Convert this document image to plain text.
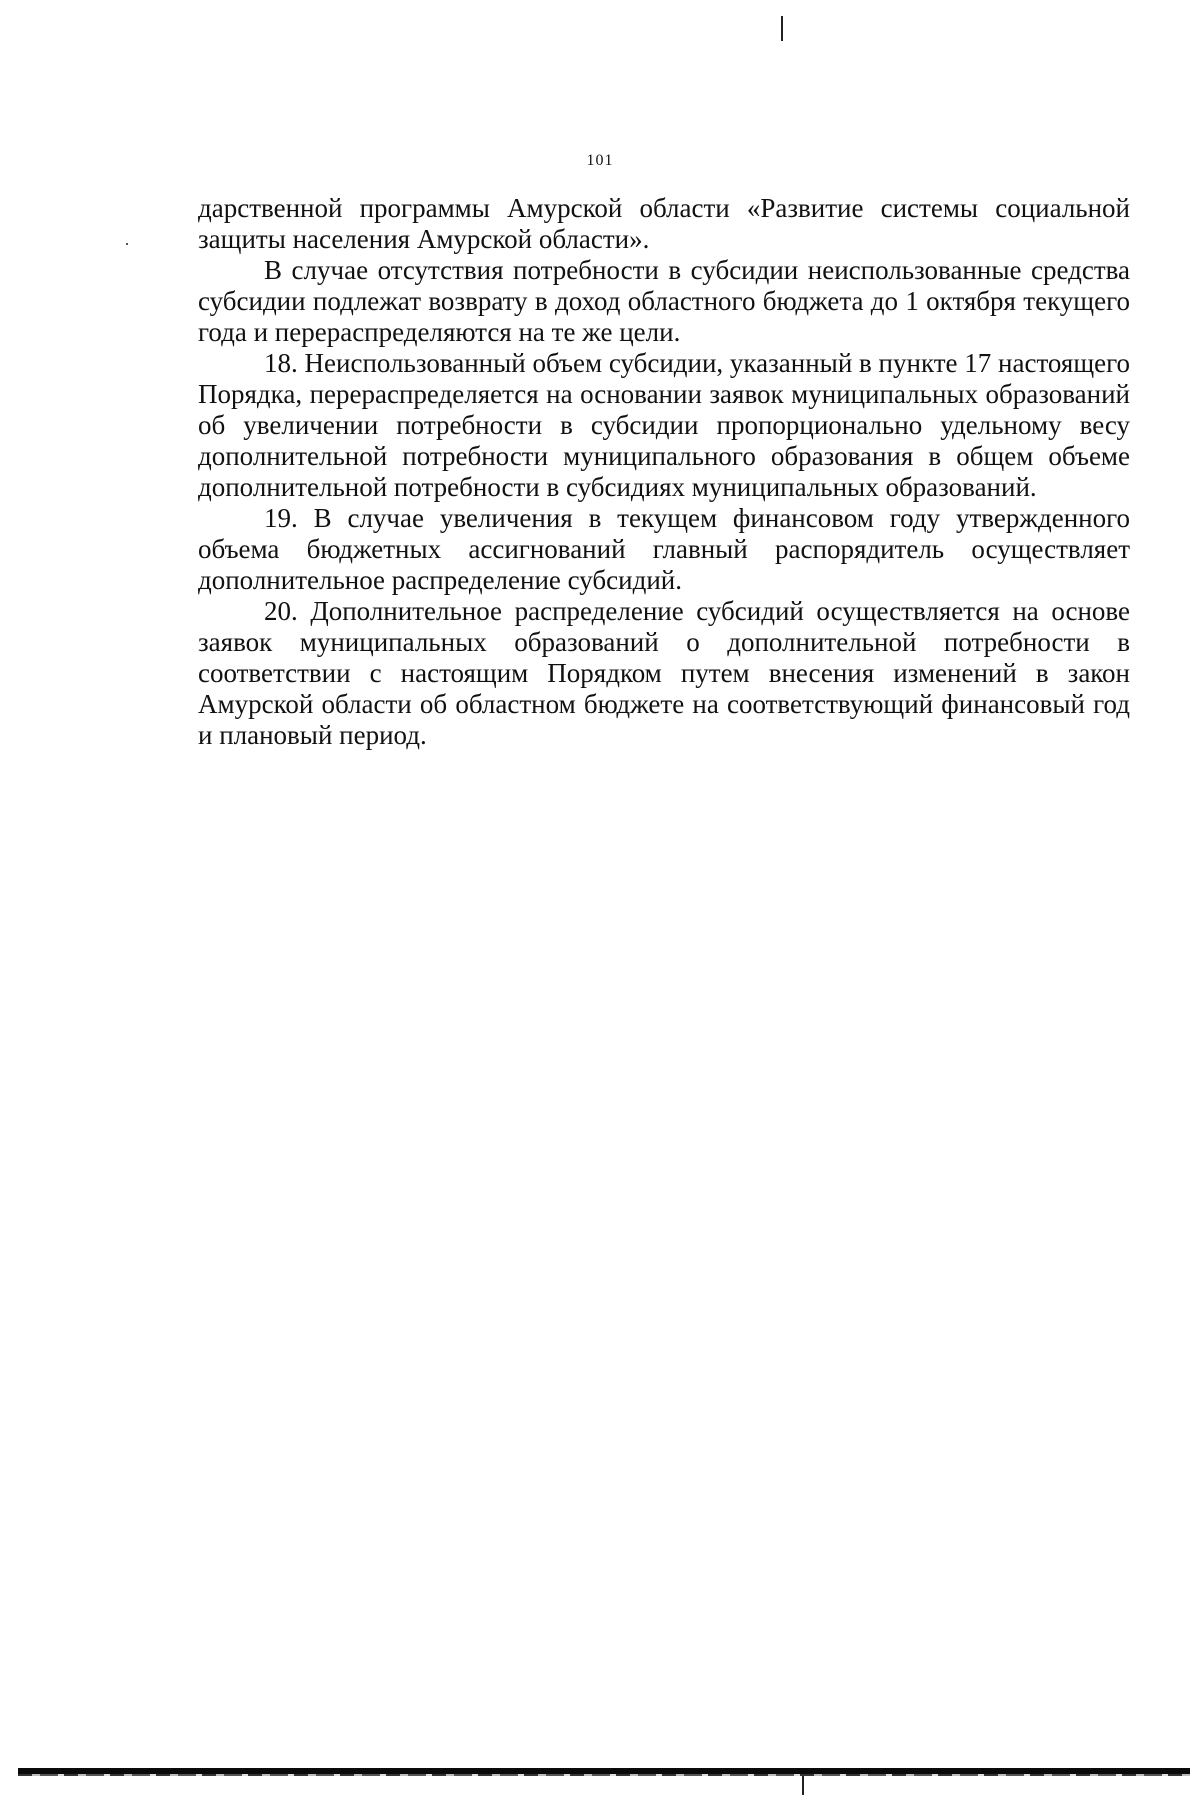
101

дарственной программы Амурской области «Развитие системы социальной защиты населения Амурской области».

В случае отсутствия потребности в субсидии неиспользованные средства субсидии подлежат возврату в доход областного бюджета до 1 октября текущего года и перераспределяются на те же цели.

18. Неиспользованный объем субсидии, указанный в пункте 17 настоящего Порядка, перераспределяется на основании заявок муниципальных образований об увеличении потребности в субсидии пропорционально удельному весу дополнительной потребности муниципального образования в общем объеме дополнительной потребности в субсидиях муниципальных образований.

19. В случае увеличения в текущем финансовом году утвержденного объема бюджетных ассигнований главный распорядитель осуществляет дополнительное распределение субсидий.

20. Дополнительное распределение субсидий осуществляется на основе заявок муниципальных образований о дополнительной потребности в соответствии с настоящим Порядком путем внесения изменений в закон Амурской области об областном бюджете на соответствующий финансовый год и плановый период.
